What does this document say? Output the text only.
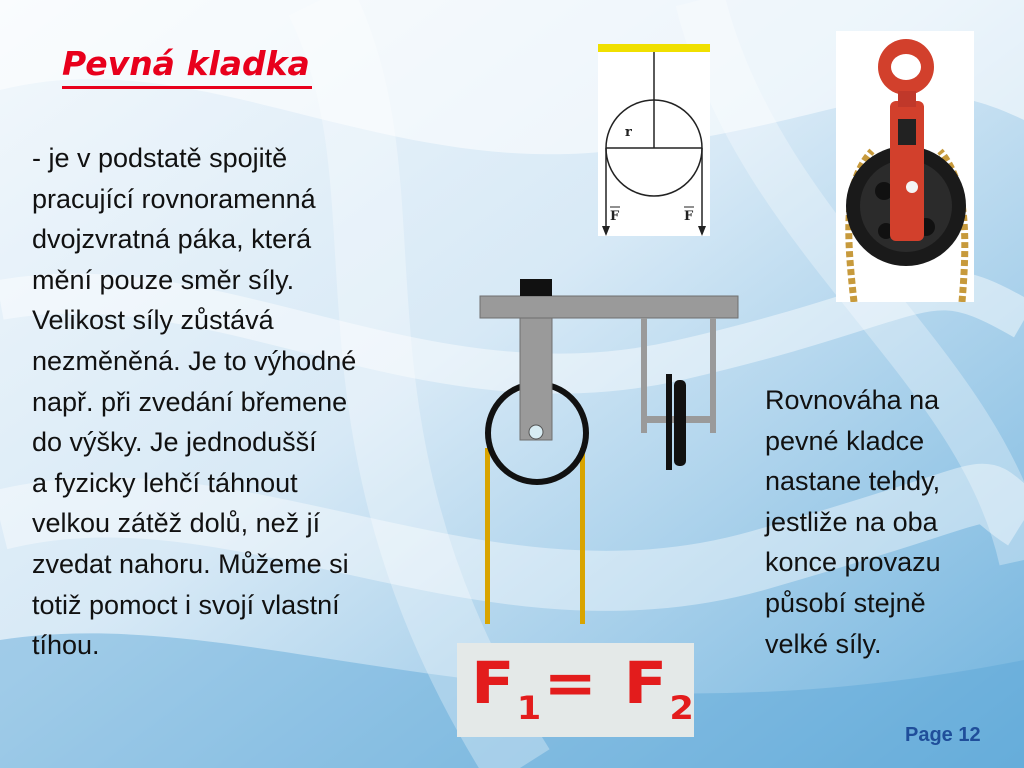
Pevná kladka

- je v podstatě spojitě
pracující rovnoramenná
dvojzvratná páka, která
mění pouze směr síly.
Velikost síly zůstává
nezměněná. Je to výhodné
např. při zvedání břemene
do výšky. Je jednodušší
a fyzicky lehčí táhnout
velkou zátěž dolů, než jí
zvedat nahoru. Můžeme si
totiž pomoct i svojí vlastní
tíhou.

r
F	F

Rovnováha na
pevné kladce
nastane tehdy,
jestliže na oba
konce provazu
působí stejně
velké síly.

$F_1= F_2$
Page 12
